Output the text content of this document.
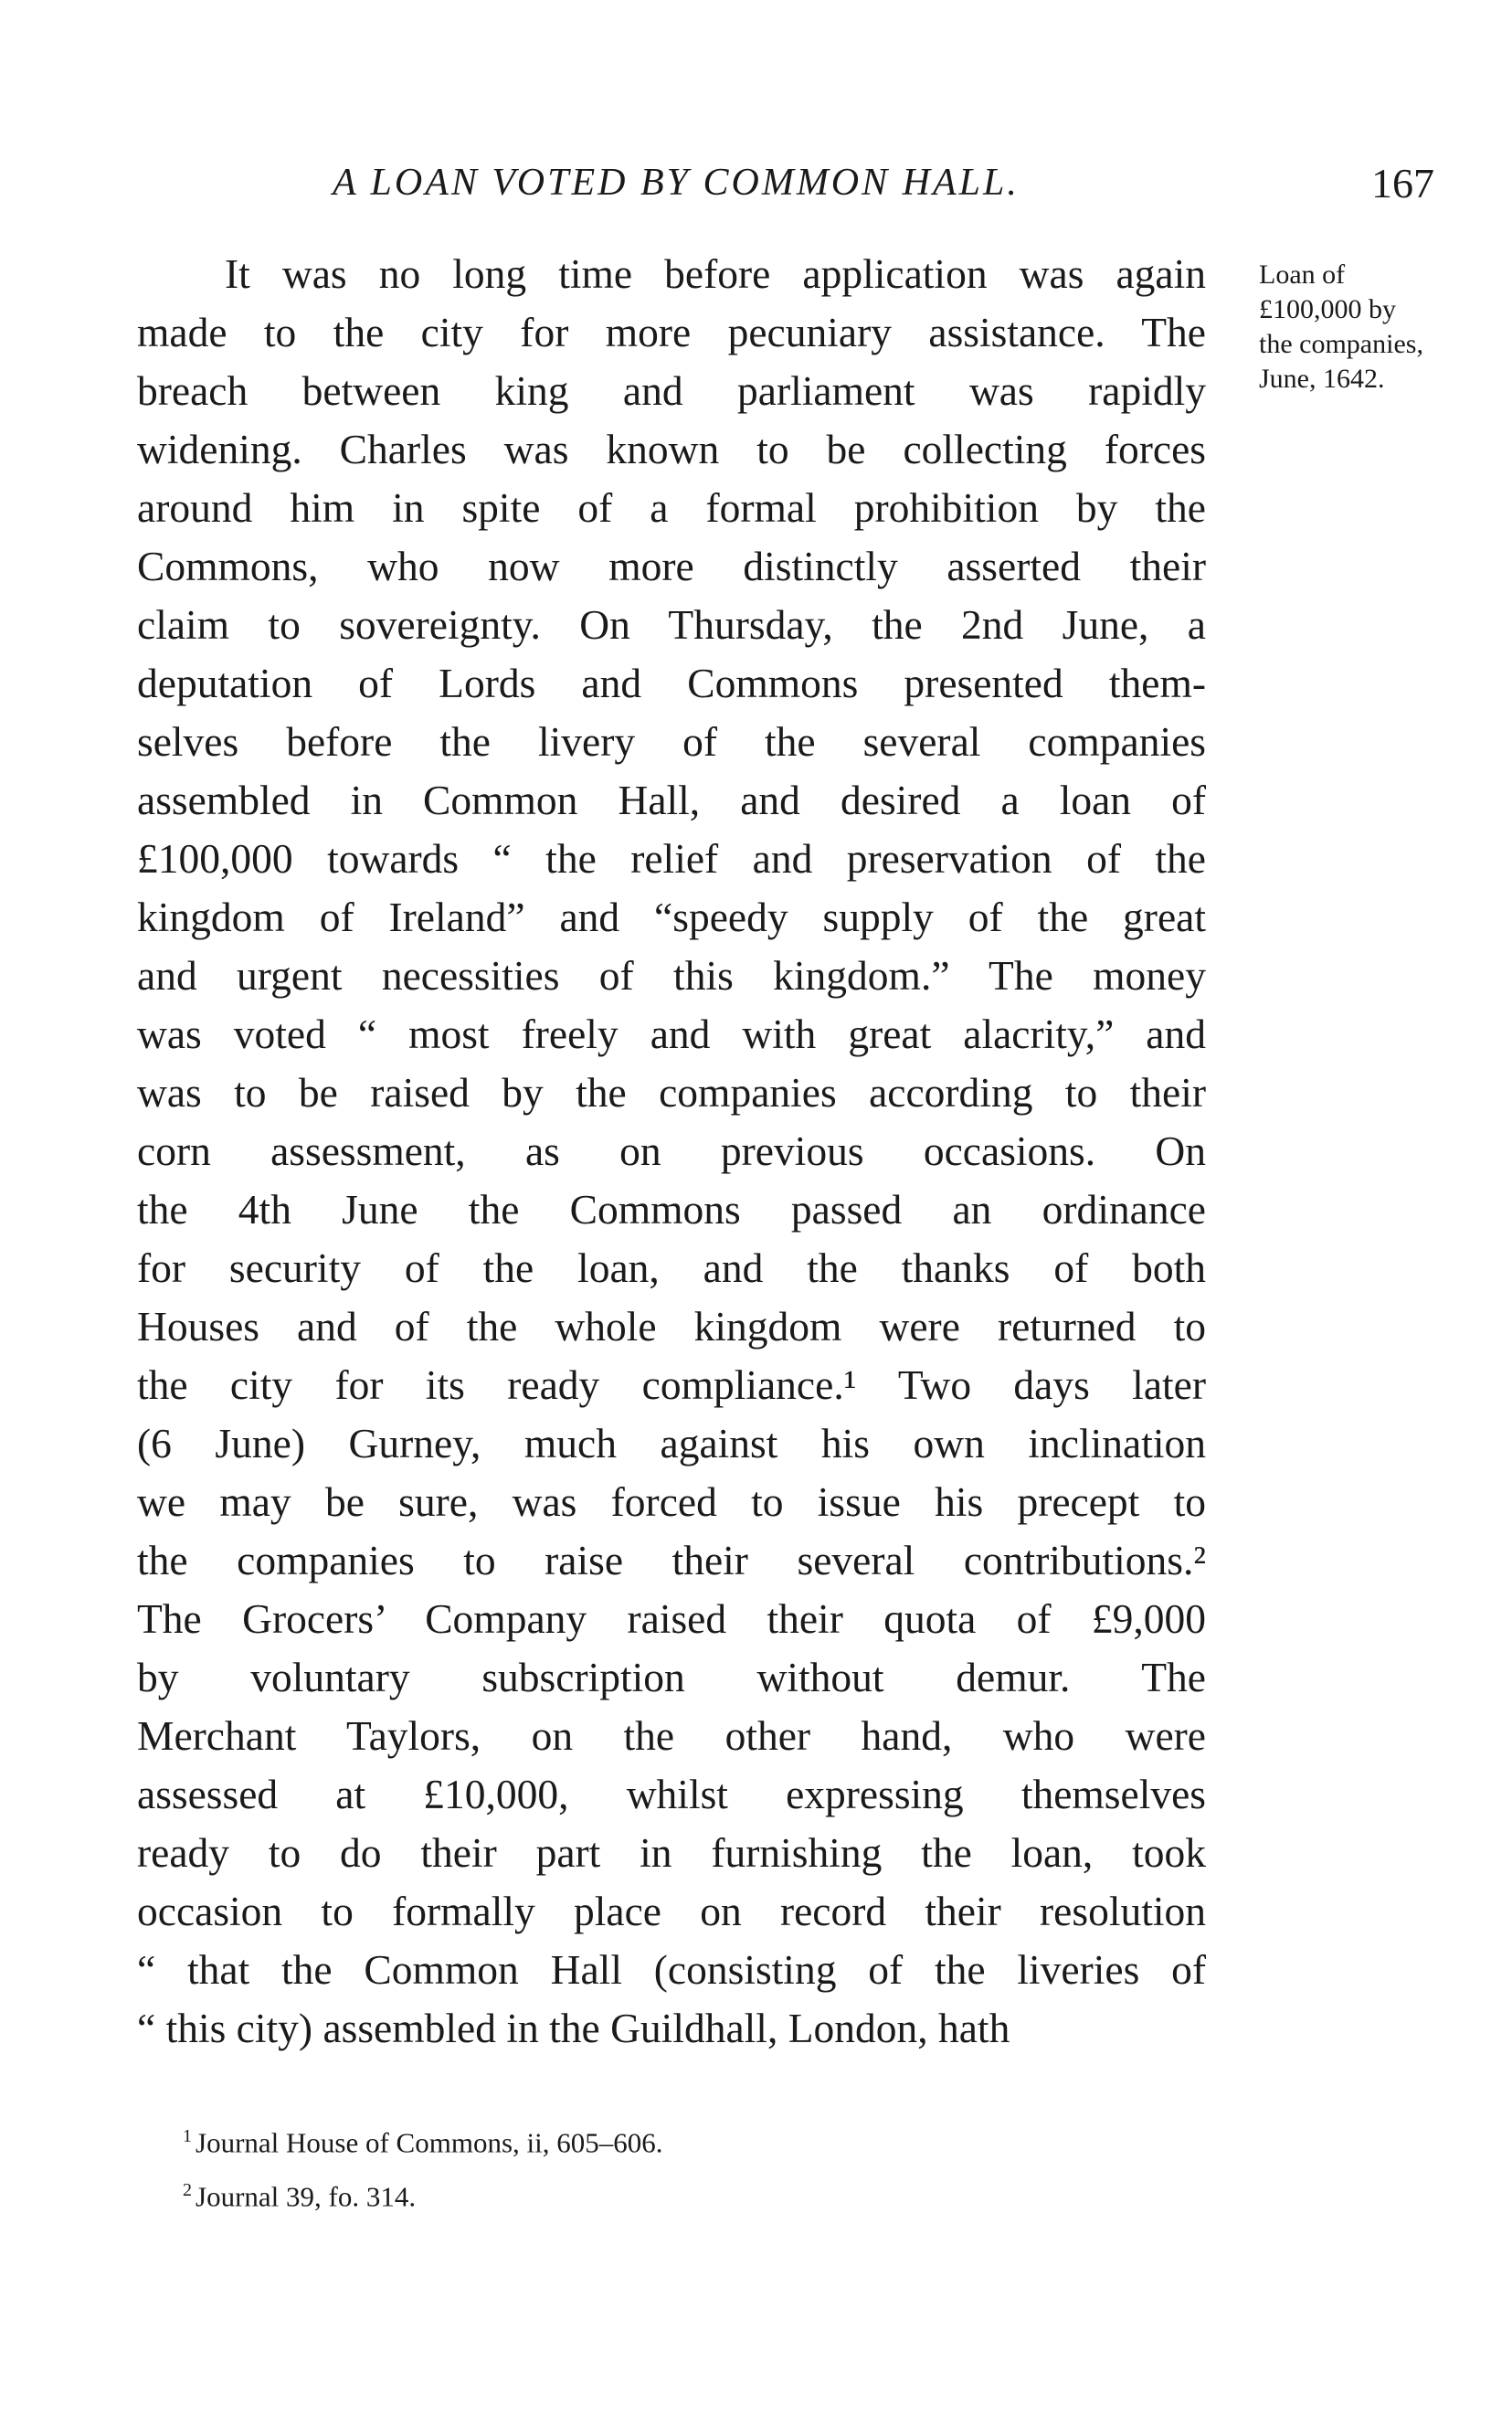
A LOAN VOTED BY COMMON HALL.	167
Loan of
£100,000 by
the companies,
June, 1642.
It was no long time before application was again
made to the city for more pecuniary assistance. The
breach between king and parliament was rapidly
widening. Charles was known to be collecting forces
around him in spite of a formal prohibition by the
Commons, who now more distinctly asserted their
claim to sovereignty. On Thursday, the 2nd June, a
deputation of Lords and Commons presented them-
selves before the livery of the several companies
assembled in Common Hall, and desired a loan of
£100,000 towards “ the relief and preservation of the
kingdom of Ireland” and “speedy supply of the great
and urgent necessities of this kingdom.” The money
was voted “ most freely and with great alacrity,” and
was to be raised by the companies according to their
corn assessment, as on previous occasions. On
the 4th June the Commons passed an ordinance
for security of the loan, and the thanks of both
Houses and of the whole kingdom were returned to
the city for its ready compliance.¹ Two days later
(6 June) Gurney, much against his own inclination
we may be sure, was forced to issue his precept to
the companies to raise their several contributions.²
The Grocers’ Company raised their quota of £9,000
by voluntary subscription without demur. The
Merchant Taylors, on the other hand, who were
assessed at £10,000, whilst expressing themselves
ready to do their part in furnishing the loan, took
occasion to formally place on record their resolution
“ that the Common Hall (consisting of the liveries of
“ this city) assembled in the Guildhall, London, hath
$^1$ Journal House of Commons, ii, 605–606.
$^2$ Journal 39, fo. 314.
